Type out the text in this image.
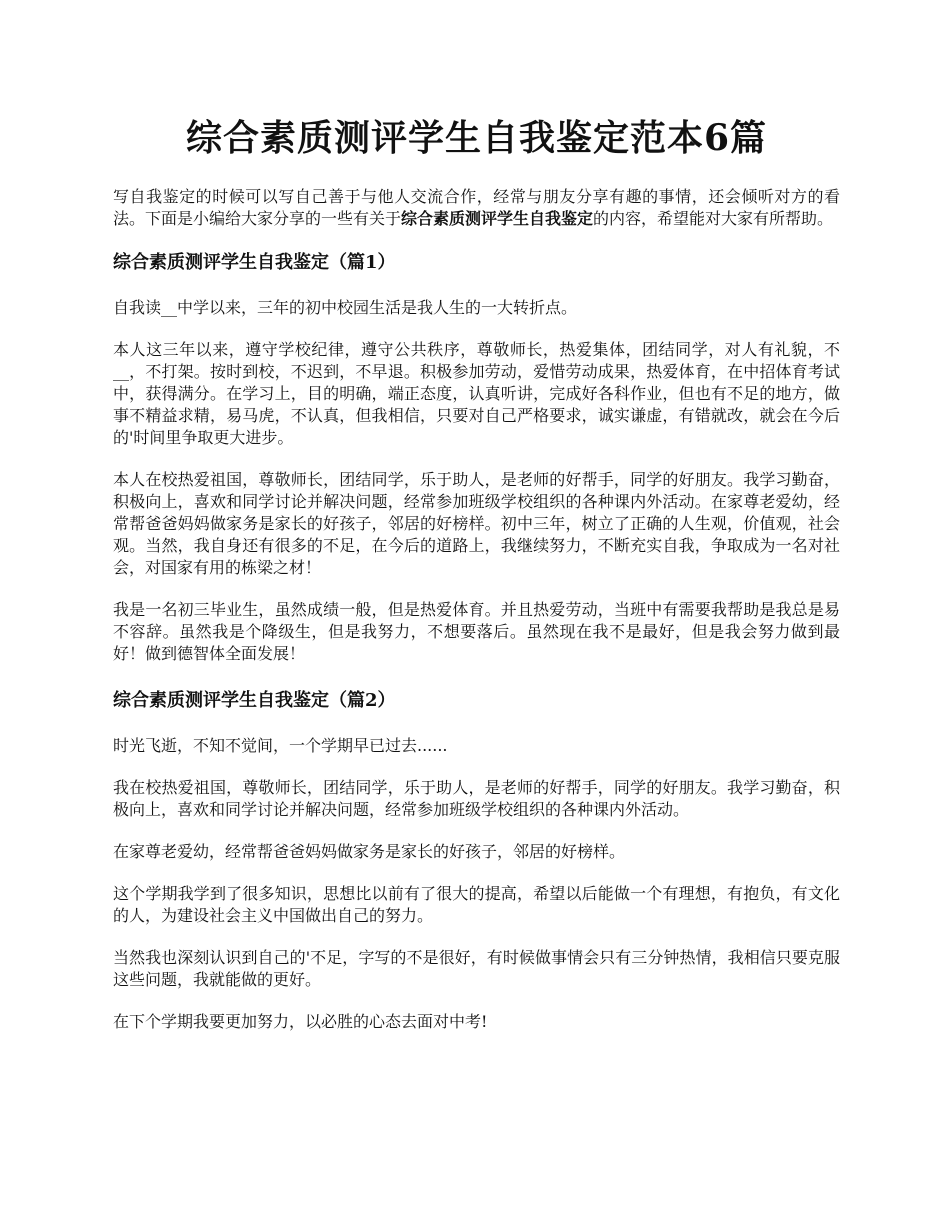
综合素质测评学生自我鉴定范本6篇

写自我鉴定的时候可以写自己善于与他人交流合作，经常与朋友分享有趣的事情，还会倾听对方的看法。下面是小编给大家分享的一些有关于综合素质测评学生自我鉴定的内容，希望能对大家有所帮助。

综合素质测评学生自我鉴定（篇1）

自我读__中学以来，三年的初中校园生活是我人生的一大转折点。

本人这三年以来，遵守学校纪律，遵守公共秩序，尊敬师长，热爱集体，团结同学，对人有礼貌，不__，不打架。按时到校，不迟到，不早退。积极参加劳动，爱惜劳动成果，热爱体育，在中招体育考试中，获得满分。在学习上，目的明确，端正态度，认真听讲，完成好各科作业，但也有不足的地方，做事不精益求精，易马虎，不认真，但我相信，只要对自己严格要求，诚实谦虚，有错就改，就会在今后的'时间里争取更大进步。

本人在校热爱祖国，尊敬师长，团结同学，乐于助人，是老师的好帮手，同学的好朋友。我学习勤奋，积极向上，喜欢和同学讨论并解决问题，经常参加班级学校组织的各种课内外活动。在家尊老爱幼，经常帮爸爸妈妈做家务是家长的好孩子，邻居的好榜样。初中三年，树立了正确的人生观，价值观，社会观。当然，我自身还有很多的不足，在今后的道路上，我继续努力，不断充实自我，争取成为一名对社会，对国家有用的栋梁之材！

我是一名初三毕业生，虽然成绩一般，但是热爱体育。并且热爱劳动，当班中有需要我帮助是我总是易不容辞。虽然我是个降级生，但是我努力，不想要落后。虽然现在我不是最好，但是我会努力做到最好！做到德智体全面发展！

综合素质测评学生自我鉴定（篇2）

时光飞逝，不知不觉间，一个学期早已过去......

我在校热爱祖国，尊敬师长，团结同学，乐于助人，是老师的好帮手，同学的好朋友。我学习勤奋，积极向上，喜欢和同学讨论并解决问题，经常参加班级学校组织的各种课内外活动。

在家尊老爱幼，经常帮爸爸妈妈做家务是家长的好孩子，邻居的好榜样。

这个学期我学到了很多知识，思想比以前有了很大的提高，希望以后能做一个有理想，有抱负，有文化的人，为建设社会主义中国做出自己的努力。

当然我也深刻认识到自己的'不足，字写的不是很好，有时候做事情会只有三分钟热情，我相信只要克服这些问题，我就能做的更好。

在下个学期我要更加努力，以必胜的心态去面对中考!
